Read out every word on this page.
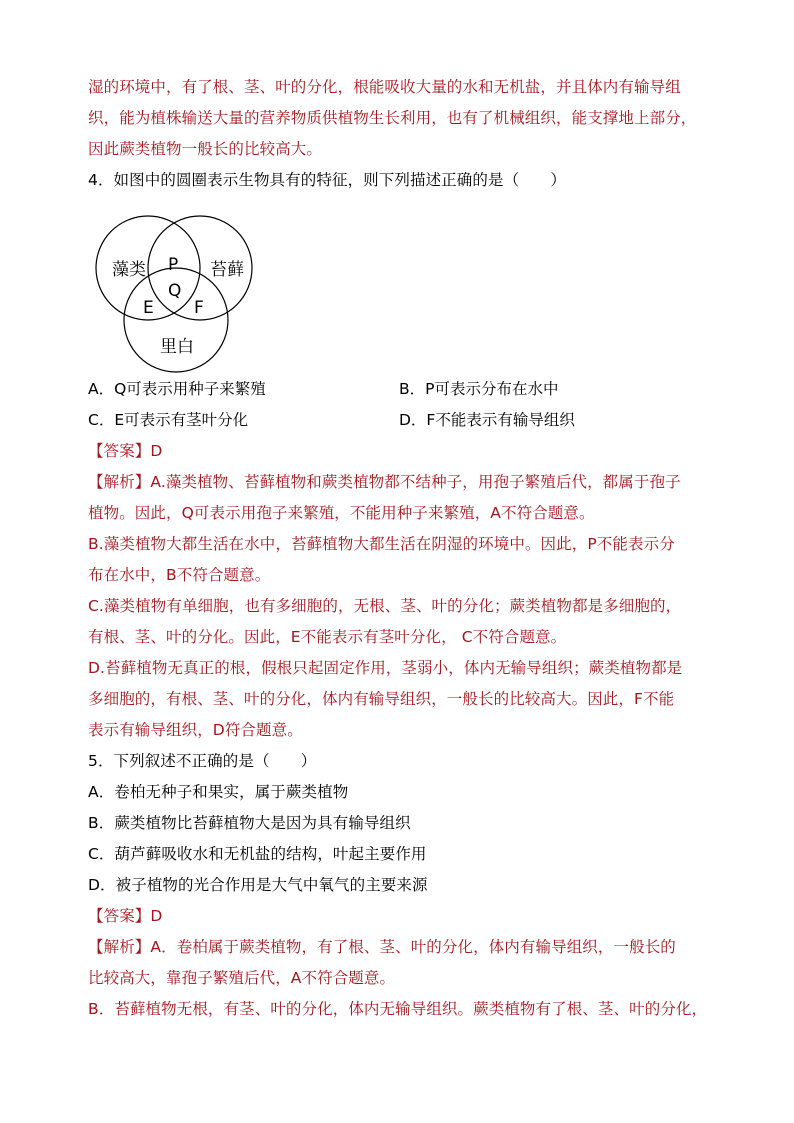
湿的环境中，有了根、茎、叶的分化，根能吸收大量的水和无机盐，并且体内有输导组
织，能为植株输送大量的营养物质供植物生长利用，也有了机械组织，能支撑地上部分，
因此蕨类植物一般长的比较高大。
4．如图中的圆圈表示生物具有的特征，则下列描述正确的是（　　）
藻类	苔藓
里白
P
Q
E F
A．Q可表示用种子来繁殖	B．P可表示分布在水中
C．E可表示有茎叶分化	D．F不能表示有输导组织
【答案】D
【解析】A.藻类植物、苔藓植物和蕨类植物都不结种子，用孢子繁殖后代，都属于孢子
植物。因此，Q可表示用孢子来繁殖，不能用种子来繁殖，A不符合题意。
B.藻类植物大都生活在水中，苔藓植物大都生活在阴湿的环境中。因此，P不能表示分
布在水中，B不符合题意。
C.藻类植物有单细胞，也有多细胞的，无根、茎、叶的分化；蕨类植物都是多细胞的，
有根、茎、叶的分化。因此，E不能表示有茎叶分化， C不符合题意。
D.苔藓植物无真正的根，假根只起固定作用，茎弱小，体内无输导组织；蕨类植物都是
多细胞的，有根、茎、叶的分化，体内有输导组织，一般长的比较高大。因此，F不能
表示有输导组织，D符合题意。
5．下列叙述不正确的是（　　）
A．卷柏无种子和果实，属于蕨类植物
B．蕨类植物比苔藓植物大是因为具有输导组织
C．葫芦藓吸收水和无机盐的结构，叶起主要作用
D．被子植物的光合作用是大气中氧气的主要来源
【答案】D
【解析】A．卷柏属于蕨类植物，有了根、茎、叶的分化，体内有输导组织，一般长的
比较高大，靠孢子繁殖后代，A不符合题意。
B．苔藓植物无根，有茎、叶的分化，体内无输导组织。蕨类植物有了根、茎、叶的分化，
